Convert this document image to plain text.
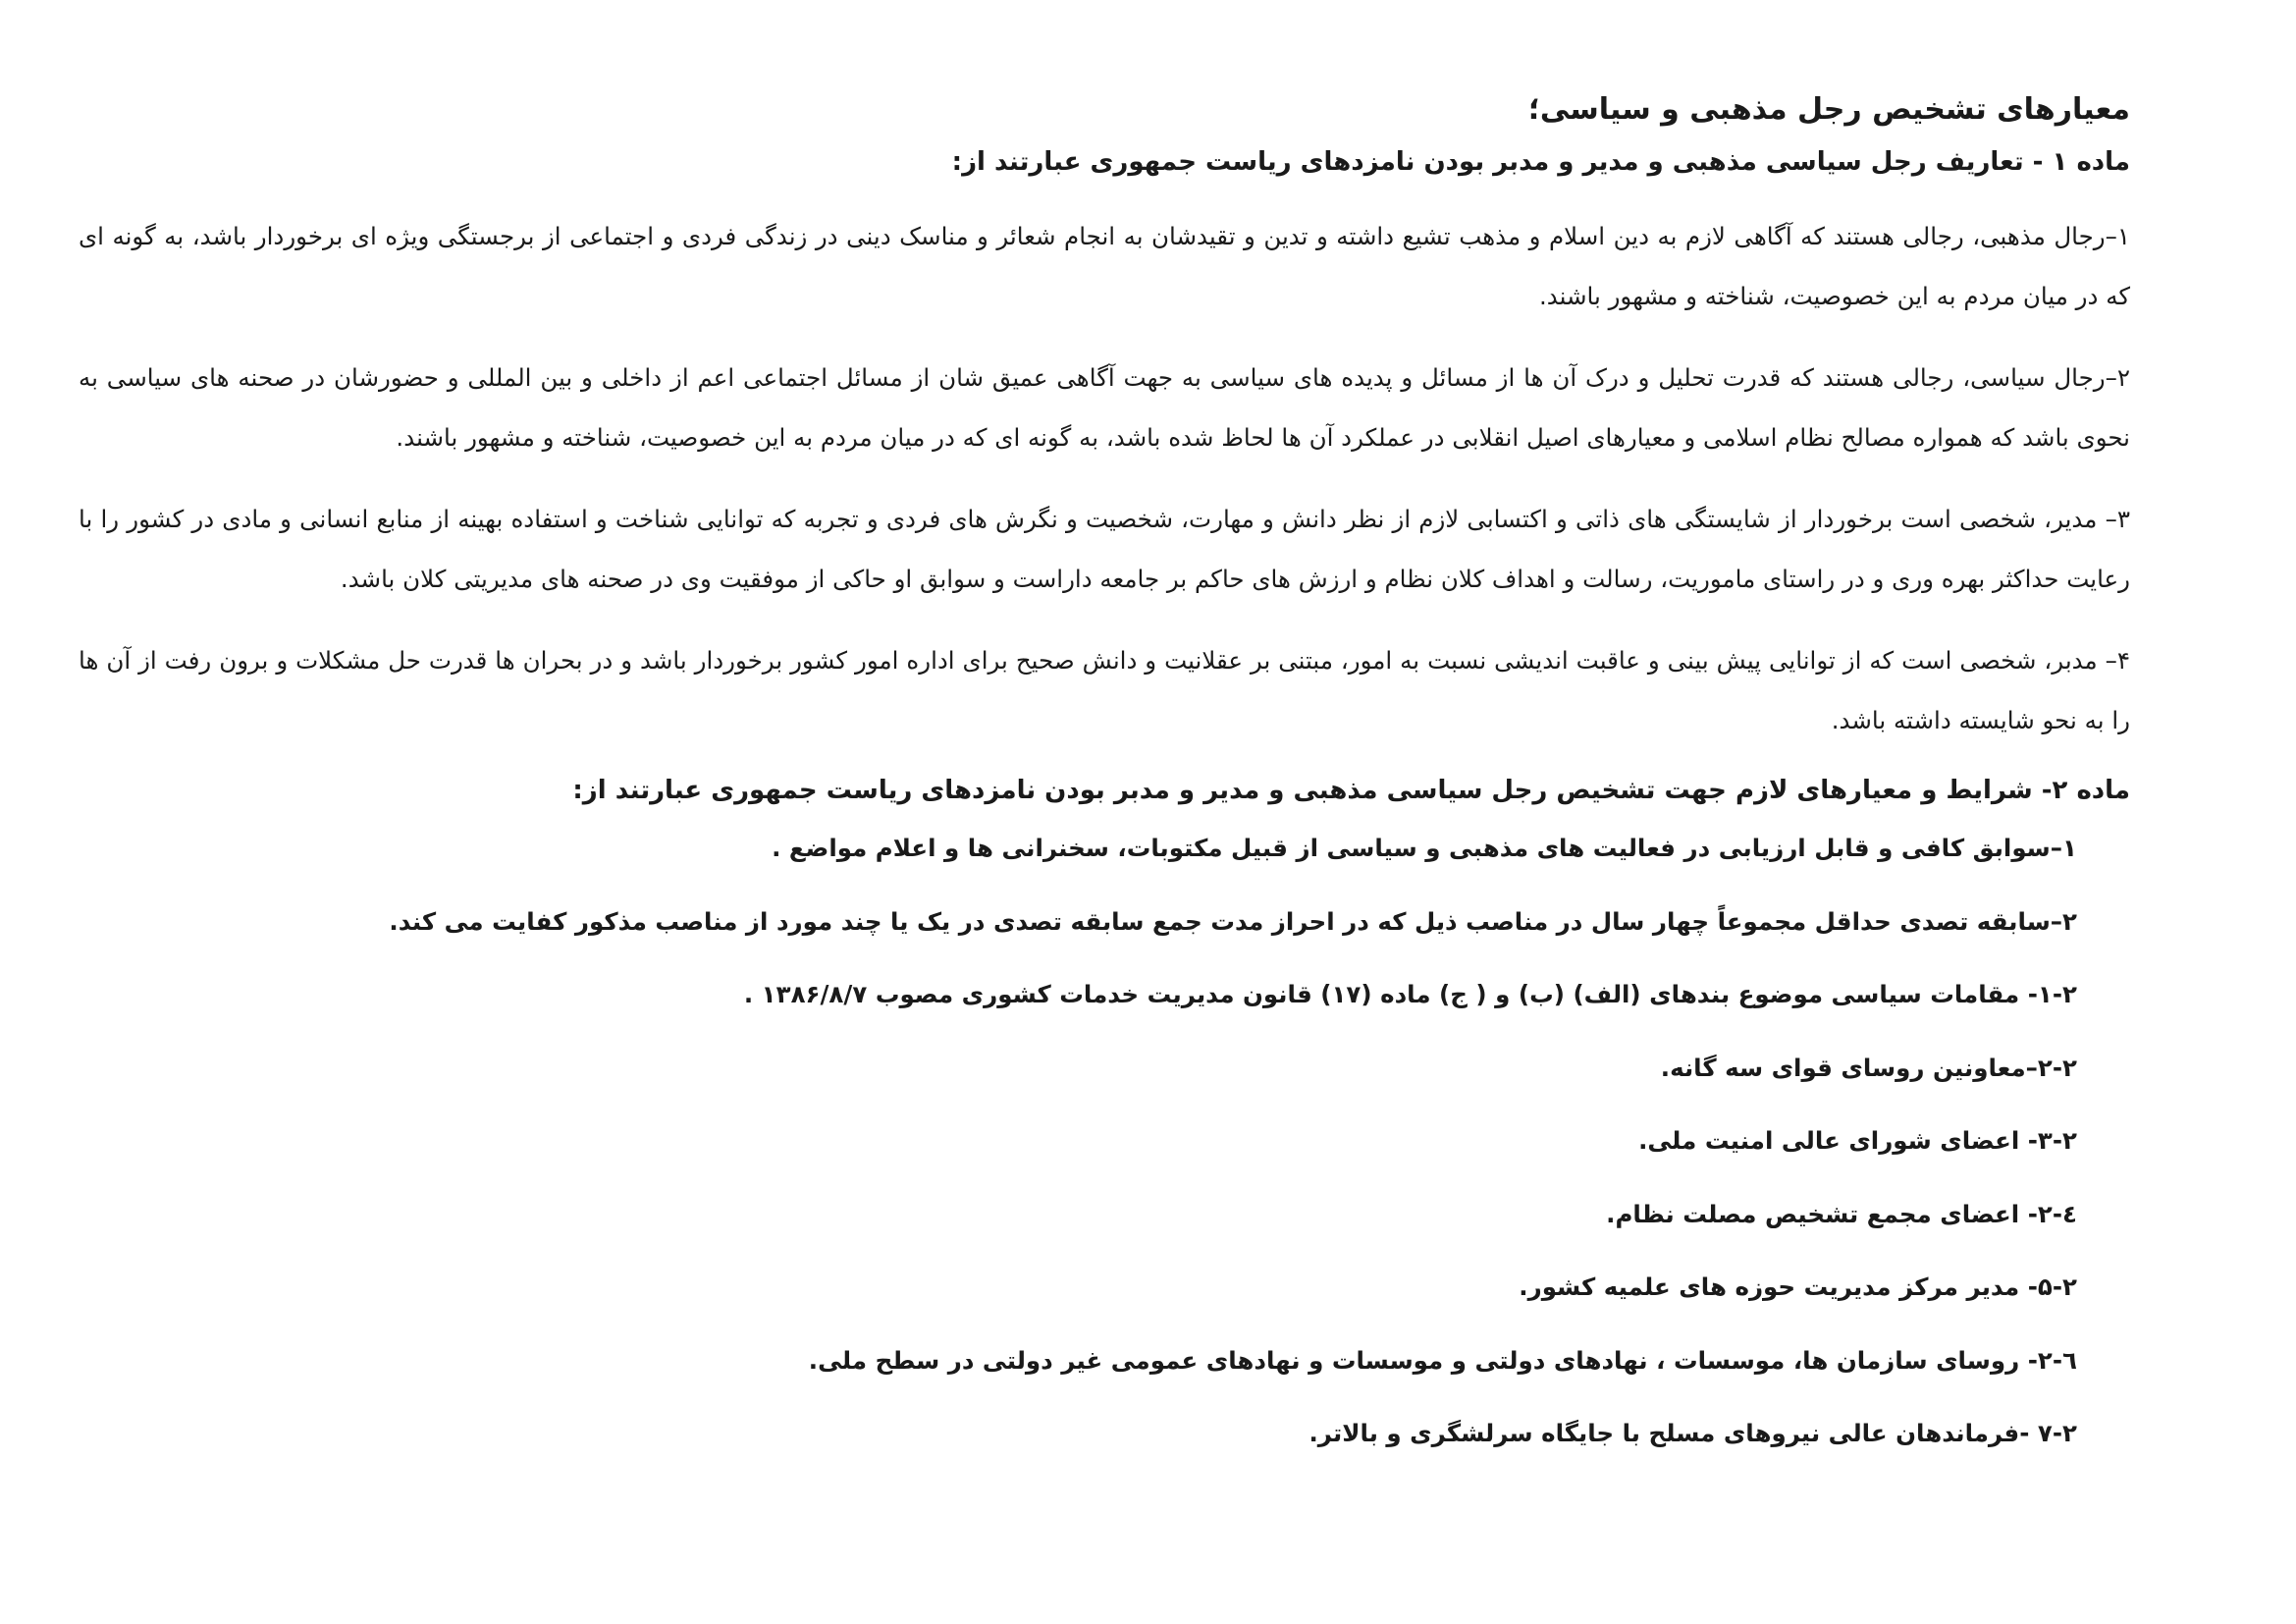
معیارهای تشخیص رجل مذهبی و سیاسی؛
ماده ۱ - تعاریف رجل سیاسی مذهبی و مدیر و مدبر بودن نامزدهای ریاست جمهوری عبارتند از:

۱–رجال مذهبی، رجالی هستند که آگاهی لازم به دین اسلام و مذهب تشیع داشته و تدین و تقیدشان به انجام شعائر و مناسک دینی در زندگی فردی و اجتماعی از برجستگی ویژه ای برخوردار باشد، به گونه ای که در میان مردم به این خصوصیت، شناخته و مشهور باشند.

۲–رجال سیاسی، رجالی هستند که قدرت تحلیل و درک آن ها از مسائل و پدیده های سیاسی به جهت آگاهی عمیق شان از مسائل اجتماعی اعم از داخلی و بین المللی و حضورشان در صحنه های سیاسی به نحوی باشد که همواره مصالح نظام اسلامی و معیارهای اصیل انقلابی در عملکرد آن ها لحاظ شده باشد، به گونه ای که در میان مردم به این خصوصیت، شناخته و مشهور باشند.

۳– مدیر، شخصی است برخوردار از شایستگی های ذاتی و اکتسابی لازم از نظر دانش و مهارت، شخصیت و نگرش های فردی و تجربه که توانایی شناخت و استفاده بهینه از منابع انسانی و مادی در کشور را با رعایت حداکثر بهره وری و در راستای ماموریت، رسالت و اهداف کلان نظام و ارزش های حاکم بر جامعه داراست و سوابق او حاکی از موفقیت وی در صحنه های مدیریتی کلان باشد.

۴– مدبر، شخصی است که از توانایی پیش بینی و عاقبت اندیشی نسبت به امور، مبتنی بر عقلانیت و دانش صحیح برای اداره امور کشور برخوردار باشد و در بحران ها قدرت حل مشکلات و برون رفت از آن ها را به نحو شایسته داشته باشد.

ماده ۲- شرایط و معیارهای لازم جهت تشخیص رجل سیاسی مذهبی و مدیر و مدبر بودن نامزدهای ریاست جمهوری عبارتند از:
۱–سوابق کافی و قابل ارزیابی در فعالیت های مذهبی و سیاسی از قبیل مکتوبات، سخنرانی ها و اعلام مواضع .
۲–سابقه تصدی حداقل مجموعاً چهار سال در مناصب ذیل که در احراز مدت جمع سابقه تصدی در یک یا چند مورد از مناصب مذکور کفایت می کند.
۱-۲- مقامات سیاسی موضوع بندهای (الف) (ب) و ( ج) ماده (۱۷) قانون مدیریت خدمات کشوری مصوب ۱۳۸۶/۸/۷ .
۲-۲–معاونین روسای قوای سه گانه.
۳-۲- اعضای شورای عالی امنیت ملی.
٤-۲- اعضای مجمع تشخیص مصلت نظام.
۵-۲- مدیر مرکز مدیریت حوزه های علمیه کشور.
٦-۲- روسای سازمان ها، موسسات ، نهادهای دولتی و موسسات و نهادهای عمومی غیر دولتی در سطح ملی.
۷-۲ -فرماندهان عالی نیروهای مسلح با جایگاه سرلشگری و بالاتر.
